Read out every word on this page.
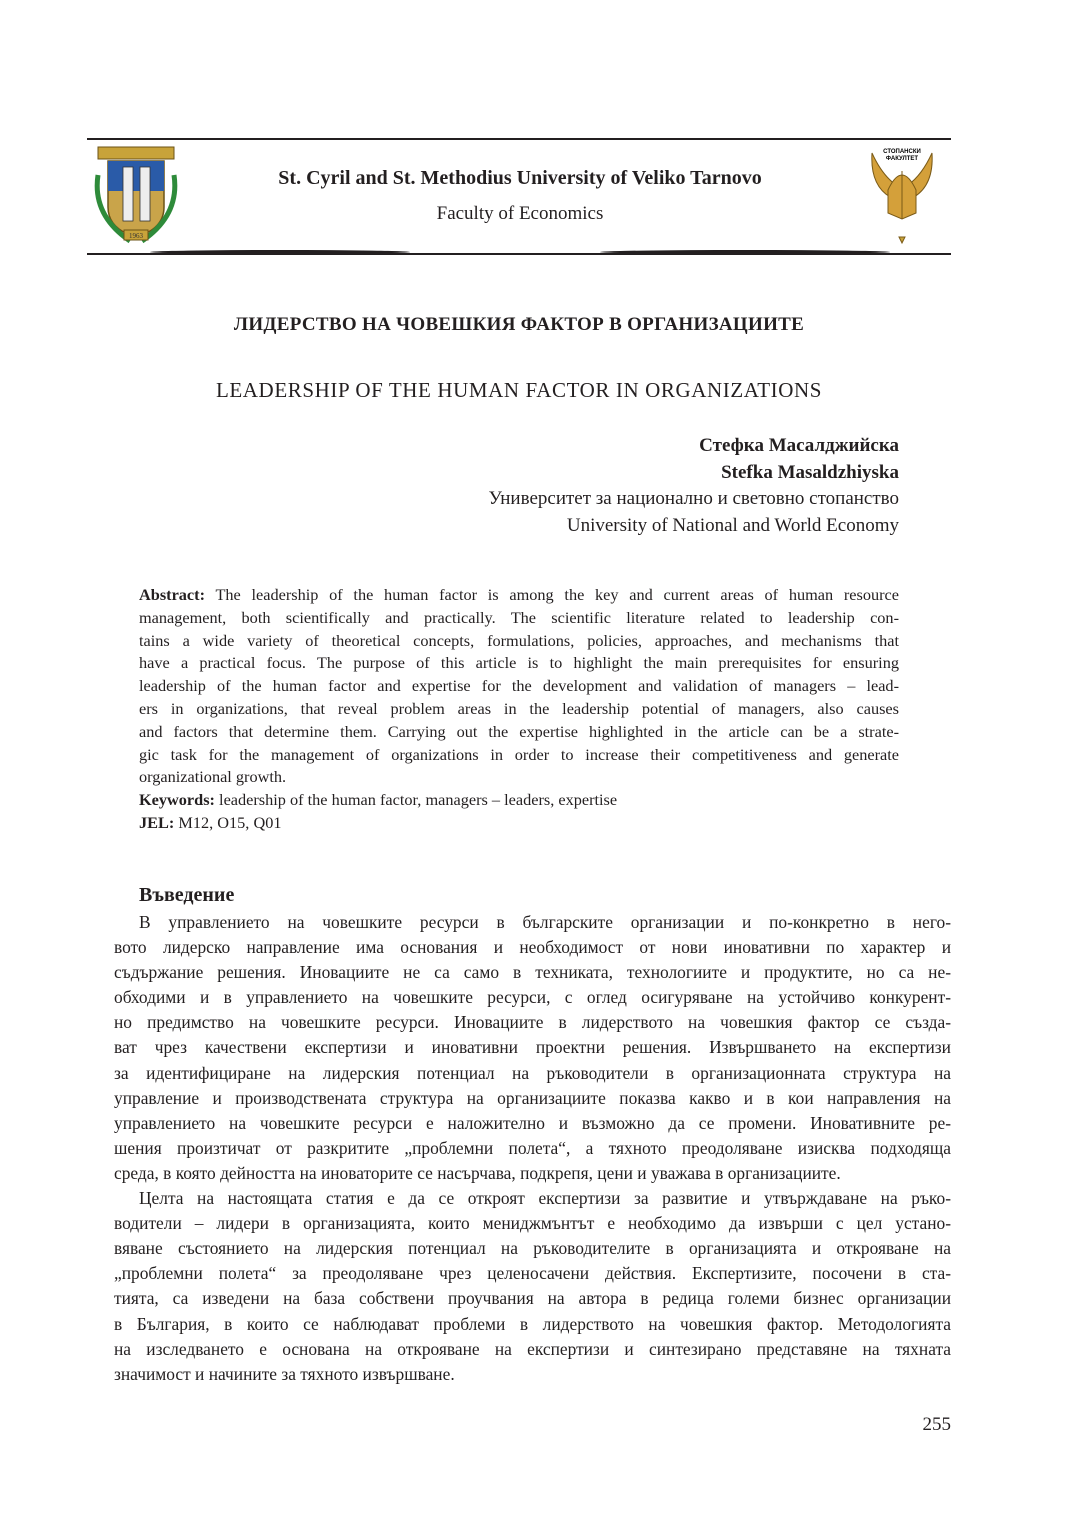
1963
St. Cyril and St. Methodius University of Veliko Tarnovo
Faculty of Economics
СТОПАНСКИ
ФАКУЛТЕТ
ЛИДЕРСТВО НА ЧОВЕШКИЯ ФАКТОР В ОРГАНИЗАЦИИТЕ
LEADERSHIP OF THE HUMAN FACTOR IN ORGANIZATIONS
Стефка Масалджийска
Stefka Masaldzhiyska
Университет за национално и световно стопанство
University of National and World Economy
Abstract: The leadership of the human factor is among the key and current areas of human resource
management, both scientifically and practically. The scientific literature related to leadership con-
tains a wide variety of theoretical concepts, formulations, policies, approaches, and mechanisms that
have a practical focus. The purpose of this article is to highlight the main prerequisites for ensuring
leadership of the human factor and expertise for the development and validation of managers – lead-
ers in organizations, that reveal problem areas in the leadership potential of managers, also causes
and factors that determine them. Carrying out the expertise highlighted in the article can be a strate-
gic task for the management of organizations in order to increase their competitiveness and generate
organizational growth.
Keywords: leadership of the human factor, managers – leaders, expertise
JEL: M12, O15, Q01
Въведение
В управлението на човешките ресурси в българските организации и по-конкретно в него-
вото лидерско направление има основания и необходимост от нови иновативни по характер и
съдържание решения. Иновациите не са само в техниката, технологиите и продуктите, но са не-
обходими и в управлението на човешките ресурси, с оглед осигуряване на устойчиво конкурент-
но предимство на човешките ресурси. Иновациите в лидерството на човешкия фактор се създа-
ват чрез качествени експертизи и иновативни проектни решения. Извършването на експертизи
за идентифициране на лидерския потенциал на ръководители в организационната структура на
управление и производствената структура на организациите показва какво и в кои направления на
управлението на човешките ресурси е наложително и възможно да се промени. Иновативните ре-
шения произтичат от разкритите „проблемни полета“, а тяхното преодоляване изисква подходяща
среда, в която дейността на иноваторите се насърчава, подкрепя, цени и уважава в организациите.
Целта на настоящата статия е да се откроят експертизи за развитие и утвърждаване на ръко-
водители – лидери в организацията, които мениджмънтът е необходимо да извърши с цел устано-
вяване състоянието на лидерския потенциал на ръководителите в организацията и открояване на
„проблемни полета“ за преодоляване чрез целеносачени действия. Експертизите, посочени в ста-
тията, са изведени на база собствени проучвания на автора в редица големи бизнес организации
в България, в които се наблюдават проблеми в лидерството на човешкия фактор. Методологията
на изследването е основана на открояване на експертизи и синтезирано представяне на тяхната
значимост и начините за тяхното извършване.
255
